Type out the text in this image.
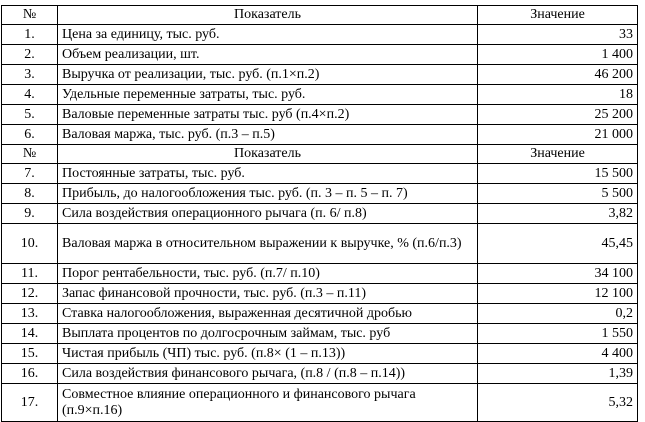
№	Показатель	Значение
1.	Цена за единицу, тыс. руб.	33
2.	Объем реализации, шт.	1 400
3.	Выручка от реализации, тыс. руб. (п.1×п.2)	46 200
4.	Удельные переменные затраты, тыс. руб.	18
5.	Валовые переменные затраты тыс. руб (п.4×п.2)	25 200
6.	Валовая маржа, тыс. руб. (п.3 – п.5)	21 000
№	Показатель	Значение
7.	Постоянные затраты, тыс. руб.	15 500
8.	Прибыль, до налогообложения тыс. руб. (п. 3 – п. 5 – п. 7)	5 500
9.	Сила воздействия операционного рычага (п. 6/ п.8)	3,82
10.	Валовая маржа в относительном выражении к выручке, % (п.6/п.3)	45,45
11.	Порог рентабельности, тыс. руб. (п.7/ п.10)	34 100
12.	Запас финансовой прочности, тыс. руб. (п.3 – п.11)	12 100
13.	Ставка налогообложения, выраженная десятичной дробью	0,2
14.	Выплата процентов по долгосрочным займам, тыс. руб	1 550
15.	Чистая прибыль (ЧП) тыс. руб. (п.8× (1 – п.13))	4 400
16.	Сила воздействия финансового рычага, (п.8 / (п.8 – п.14))	1,39
17.	Совместное влияние операционного и финансового рычага (п.9×п.16)	5,32
